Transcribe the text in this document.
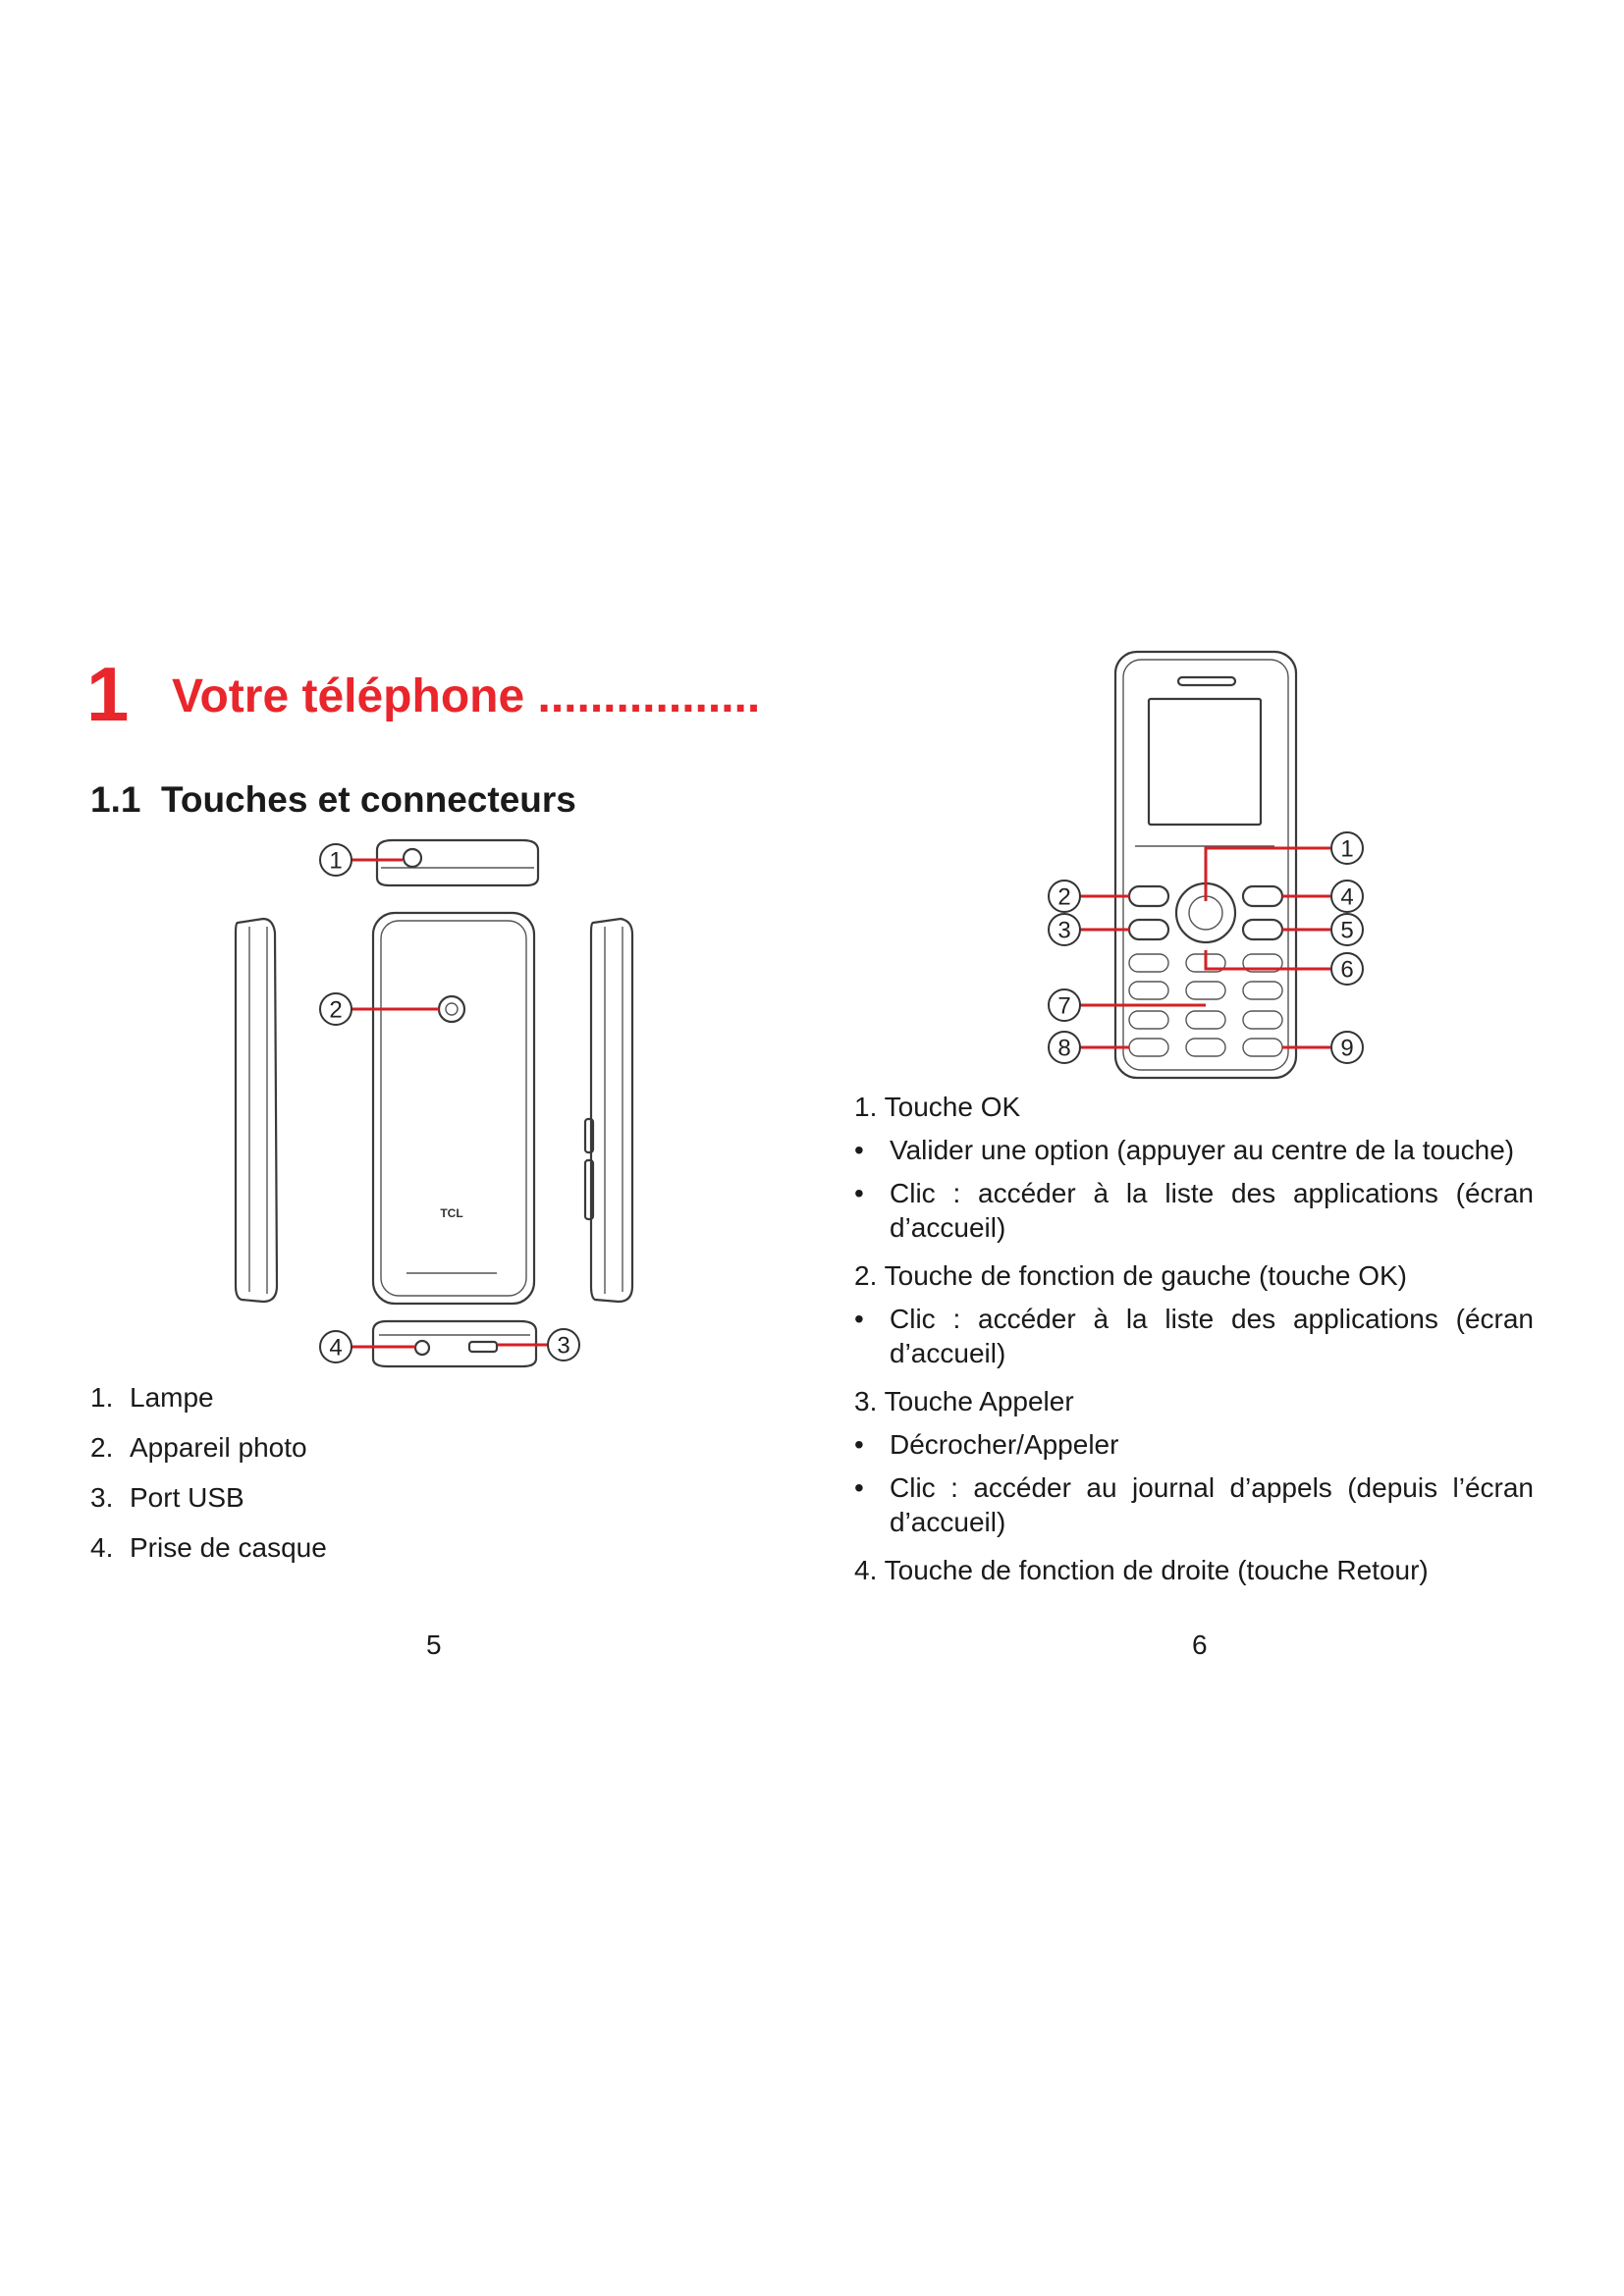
1 Votre téléphone .................
1.1 Touches et connecteurs
1
2
3
4
TCL
1. Lampe
2. Appareil photo
3. Port USB
4. Prise de casque
5
1
2
3
4
5
6
7
8	9
1. Touche OK
• Valider une option (appuyer au centre de la touche)
• Clic : accéder à la liste des applications (écran d’accueil)
2. Touche de fonction de gauche (touche OK)
• Clic : accéder à la liste des applications (écran d’accueil)
3. Touche Appeler
• Décrocher/Appeler
• Clic : accéder au journal d’appels (depuis l’écran d’accueil)
4. Touche de fonction de droite (touche Retour)
6
